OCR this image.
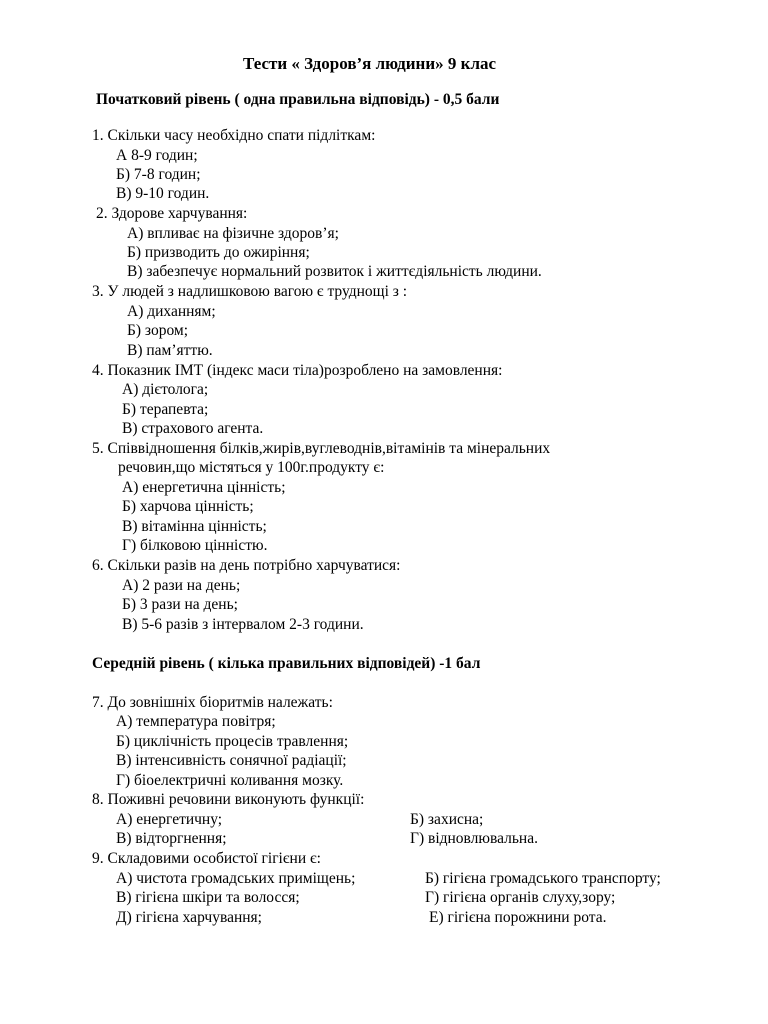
Тести « Здоров’я людини» 9 клас
Початковий рівень ( одна правильна відповідь) - 0,5 бали
1. Скільки часу необхідно спати підліткам:
А 8-9 годин;
Б) 7-8 годин;
В) 9-10 годин.
2. Здорове харчування:
А) впливає на фізичне здоров’я;
Б) призводить до ожиріння;
В) забезпечує нормальний розвиток і життєдіяльність людини.
3. У людей з надлишковою вагою є труднощі з :
А) диханням;
Б) зором;
В) пам’яттю.
4. Показник ІМТ (індекс маси тіла)розроблено на замовлення:
А) дієтолога;
Б) терапевта;
В) страхового агента.
5. Співвідношення білків,жирів,вуглеводнів,вітамінів та мінеральних
речовин,що містяться у 100г.продукту є:
А) енергетична цінність;
Б) харчова цінність;
В) вітамінна цінність;
Г) білковою цінністю.
6. Скільки разів на день потрібно харчуватися:
А) 2 рази на день;
Б) 3 рази на день;
В) 5-6 разів з інтервалом 2-3 години.
Середній рівень ( кілька правильних відповідей) -1 бал
7. До зовнішніх біоритмів належать:
А) температура повітря;
Б) циклічність процесів травлення;
В) інтенсивність сонячної радіації;
Г) біоелектричні коливання мозку.
8. Поживні речовини виконують функції:
А) енергетичну;	Б) захисна;
В) відторгнення;	Г) відновлювальна.
9. Складовими особистої гігієни є:
А) чистота громадських приміщень;	Б) гігієна громадського транспорту;
В) гігієна шкіри та волосся;	Г) гігієна органів слуху,зору;
Д) гігієна харчування;	Е) гігієна порожнини рота.
